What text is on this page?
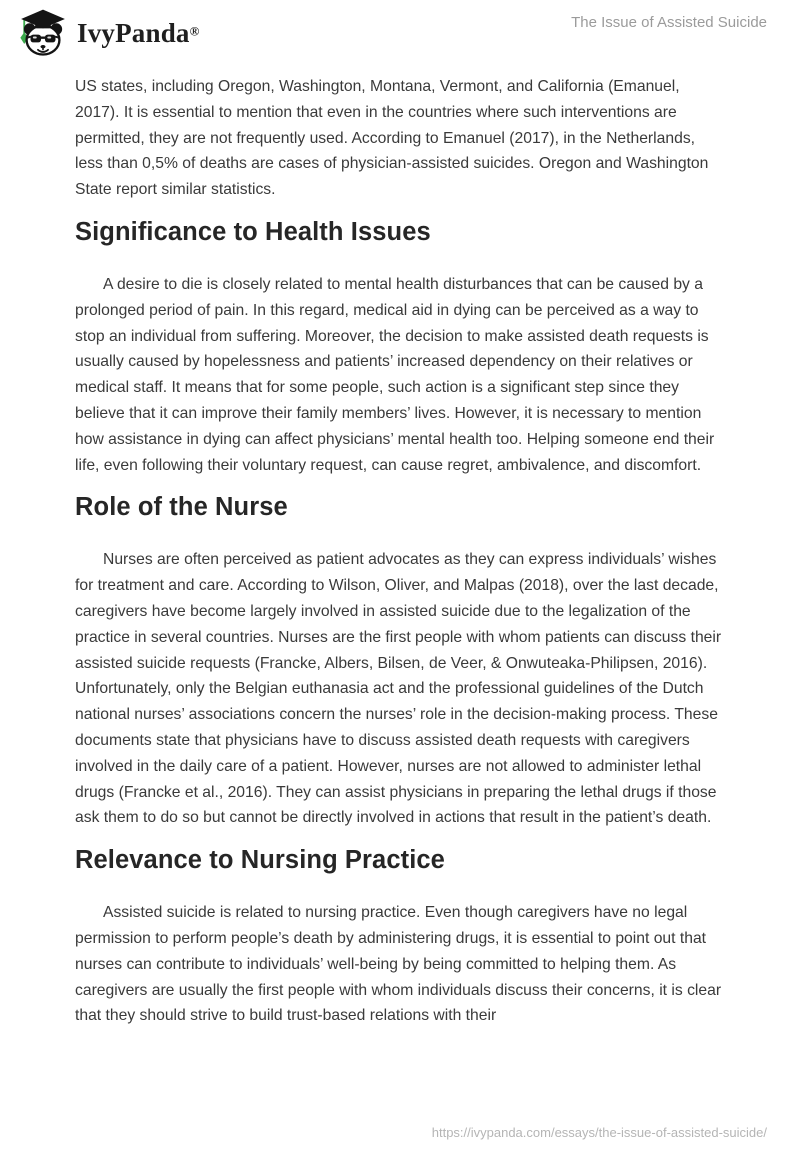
IvyPanda®
The Issue of Assisted Suicide

US states, including Oregon, Washington, Montana, Vermont, and California (Emanuel, 2017). It is essential to mention that even in the countries where such interventions are permitted, they are not frequently used. According to Emanuel (2017), in the Netherlands, less than 0,5% of deaths are cases of physician-assisted suicides. Oregon and Washington State report similar statistics.

Significance to Health Issues

A desire to die is closely related to mental health disturbances that can be caused by a prolonged period of pain. In this regard, medical aid in dying can be perceived as a way to stop an individual from suffering. Moreover, the decision to make assisted death requests is usually caused by hopelessness and patients’ increased dependency on their relatives or medical staff. It means that for some people, such action is a significant step since they believe that it can improve their family members’ lives. However, it is necessary to mention how assistance in dying can affect physicians’ mental health too. Helping someone end their life, even following their voluntary request, can cause regret, ambivalence, and discomfort.

Role of the Nurse

Nurses are often perceived as patient advocates as they can express individuals’ wishes for treatment and care. According to Wilson, Oliver, and Malpas (2018), over the last decade, caregivers have become largely involved in assisted suicide due to the legalization of the practice in several countries. Nurses are the first people with whom patients can discuss their assisted suicide requests (Francke, Albers, Bilsen, de Veer, & Onwuteaka-Philipsen, 2016). Unfortunately, only the Belgian euthanasia act and the professional guidelines of the Dutch national nurses’ associations concern the nurses’ role in the decision-making process. These documents state that physicians have to discuss assisted death requests with caregivers involved in the daily care of a patient. However, nurses are not allowed to administer lethal drugs (Francke et al., 2016). They can assist physicians in preparing the lethal drugs if those ask them to do so but cannot be directly involved in actions that result in the patient’s death.

Relevance to Nursing Practice

Assisted suicide is related to nursing practice. Even though caregivers have no legal permission to perform people’s death by administering drugs, it is essential to point out that nurses can contribute to individuals’ well-being by being committed to helping them. As caregivers are usually the first people with whom individuals discuss their concerns, it is clear that they should strive to build trust-based relations with their

https://ivypanda.com/essays/the-issue-of-assisted-suicide/
